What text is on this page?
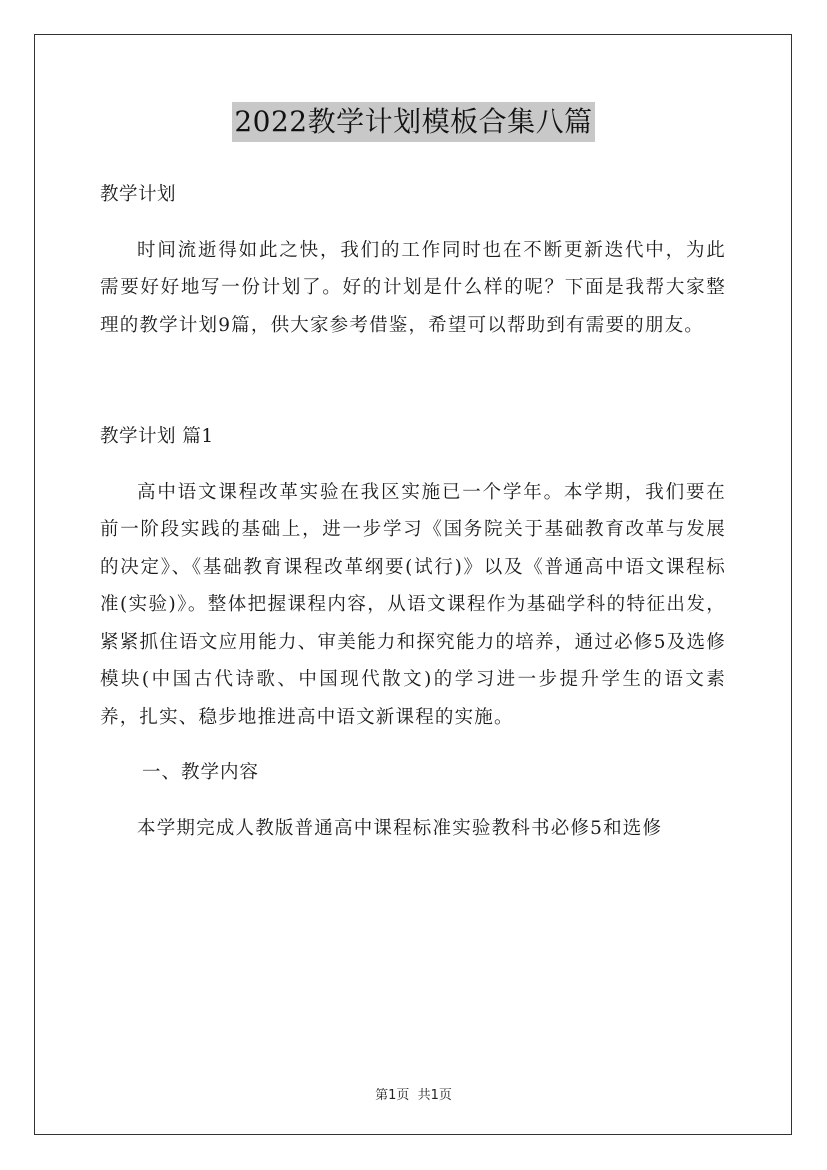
2022教学计划模板合集八篇

教学计划

时间流逝得如此之快，我们的工作同时也在不断更新迭代中，为此需要好好地写一份计划了。好的计划是什么样的呢？下面是我帮大家整理的教学计划9篇，供大家参考借鉴，希望可以帮助到有需要的朋友。

教学计划 篇1

高中语文课程改革实验在我区实施已一个学年。本学期，我们要在前一阶段实践的基础上，进一步学习《国务院关于基础教育改革与发展的决定》、《基础教育课程改革纲要(试行)》以及《普通高中语文课程标准(实验)》。整体把握课程内容，从语文课程作为基础学科的特征出发，紧紧抓住语文应用能力、审美能力和探究能力的培养，通过必修5及选修模块(中国古代诗歌、中国现代散文)的学习进一步提升学生的语文素养，扎实、稳步地推进高中语文新课程的实施。

一、教学内容

本学期完成人教版普通高中课程标准实验教科书必修5和选修

第1页 共1页
